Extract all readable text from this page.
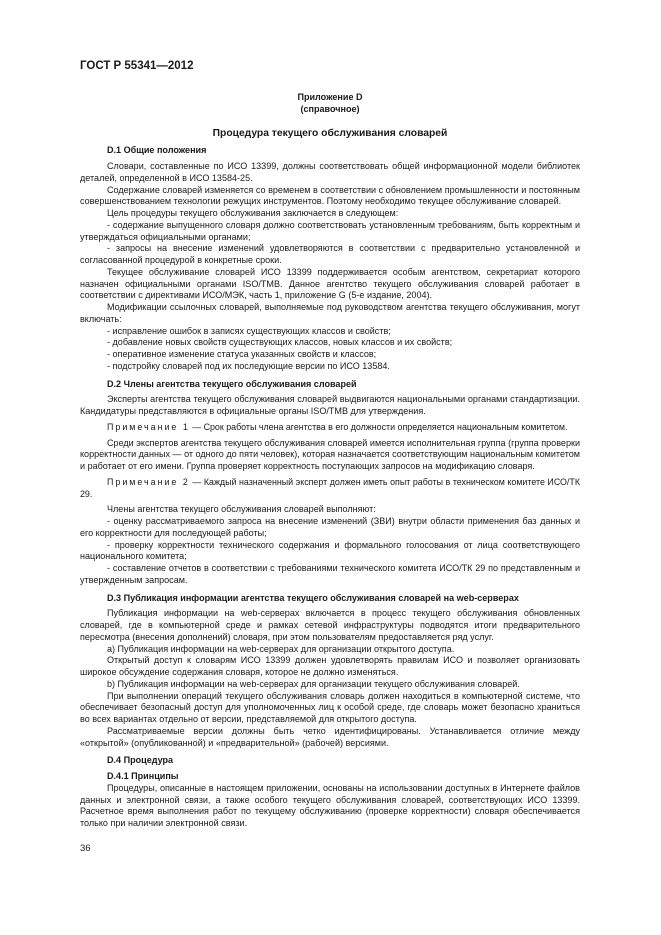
ГОСТ Р 55341—2012

Приложение D

(справочное)

Процедура текущего обслуживания словарей

D.1 Общие положения

Словари, составленные по ИСО 13399, должны соответствовать общей информационной модели библиотек деталей, определенной в ИСО 13584-25.

Содержание словарей изменяется со временем в соответствии с обновлением промышленности и постоянным совершенствованием технологии режущих инструментов. Поэтому необходимо текущее обслуживание словарей.

Цель процедуры текущего обслуживания заключается в следующем:

- содержание выпущенного словаря должно соответствовать установленным требованиям, быть корректным и утверждаться официальными органами;

- запросы на внесение изменений удовлетворяются в соответствии с предварительно установленной и согласованной процедурой в конкретные сроки.

Текущее обслуживание словарей ИСО 13399 поддерживается особым агентством, секретариат которого назначен официальными органами ISO/TMB. Данное агентство текущего обслуживания словарей работает в соответствии с директивами ИСО/МЭК, часть 1, приложение G (5-е издание, 2004).

Модификации ссылочных словарей, выполняемые под руководством агентства текущего обслуживания, могут включать:

- исправление ошибок в записях существующих классов и свойств;

- добавление новых свойств существующих классов, новых классов и их свойств;

- оперативное изменение статуса указанных свойств и классов;

- подстройку словарей под их последующие версии по ИСО 13584.

D.2 Члены агентства текущего обслуживания словарей

Эксперты агентства текущего обслуживания словарей выдвигаются национальными органами стандартизации. Кандидатуры представляются в официальные органы ISO/TMB для утверждения.

Примечание 1 — Срок работы члена агентства в его должности определяется национальным комитетом.

Среди экспертов агентства текущего обслуживания словарей имеется исполнительная группа (группа проверки корректности данных — от одного до пяти человек), которая назначается соответствующим национальным комитетом и работает от его имени. Группа проверяет корректность поступающих запросов на модификацию словаря.

Примечание 2 — Каждый назначенный эксперт должен иметь опыт работы в техническом комитете ИСО/ТК 29.

Члены агентства текущего обслуживания словарей выполняют:

- оценку рассматриваемого запроса на внесение изменений (ЗВИ) внутри области применения баз данных и его корректности для последующей работы;

- проверку корректности технического содержания и формального голосования от лица соответствующего национального комитета;

- составление отчетов в соответствии с требованиями технического комитета ИСО/ТК 29 по представленным и утвержденным запросам.

D.3 Публикация информации агентства текущего обслуживания словарей на web-серверах

Публикация информации на web-серверах включается в процесс текущего обслуживания обновленных словарей, где в компьютерной среде и рамках сетевой инфраструктуры подводятся итоги предварительного пересмотра (внесения дополнений) словаря, при этом пользователям предоставляется ряд услуг.

a) Публикация информации на web-серверах для организации открытого доступа.

Открытый доступ к словарям ИСО 13399 должен удовлетворять правилам ИСО и позволяет организовать широкое обсуждение содержания словаря, которое не должно изменяться.

b) Публикация информации на web-серверах для организации текущего обслуживания словарей.

При выполнении операций текущего обслуживания словарь должен находиться в компьютерной системе, что обеспечивает безопасный доступ для уполномоченных лиц к особой среде, где словарь может безопасно храниться во всех вариантах отдельно от версии, представляемой для открытого доступа.

Рассматриваемые версии должны быть четко идентифицированы. Устанавливается отличие между «открытой» (опубликованной) и «предварительной» (рабочей) версиями.

D.4 Процедура

D.4.1 Принципы

Процедуры, описанные в настоящем приложении, основаны на использовании доступных в Интернете файлов данных и электронной связи, а также особого текущего обслуживания словарей, соответствующих ИСО 13399. Расчетное время выполнения работ по текущему обслуживанию (проверке корректности) словаря обеспечивается только при наличии электронной связи.

36
